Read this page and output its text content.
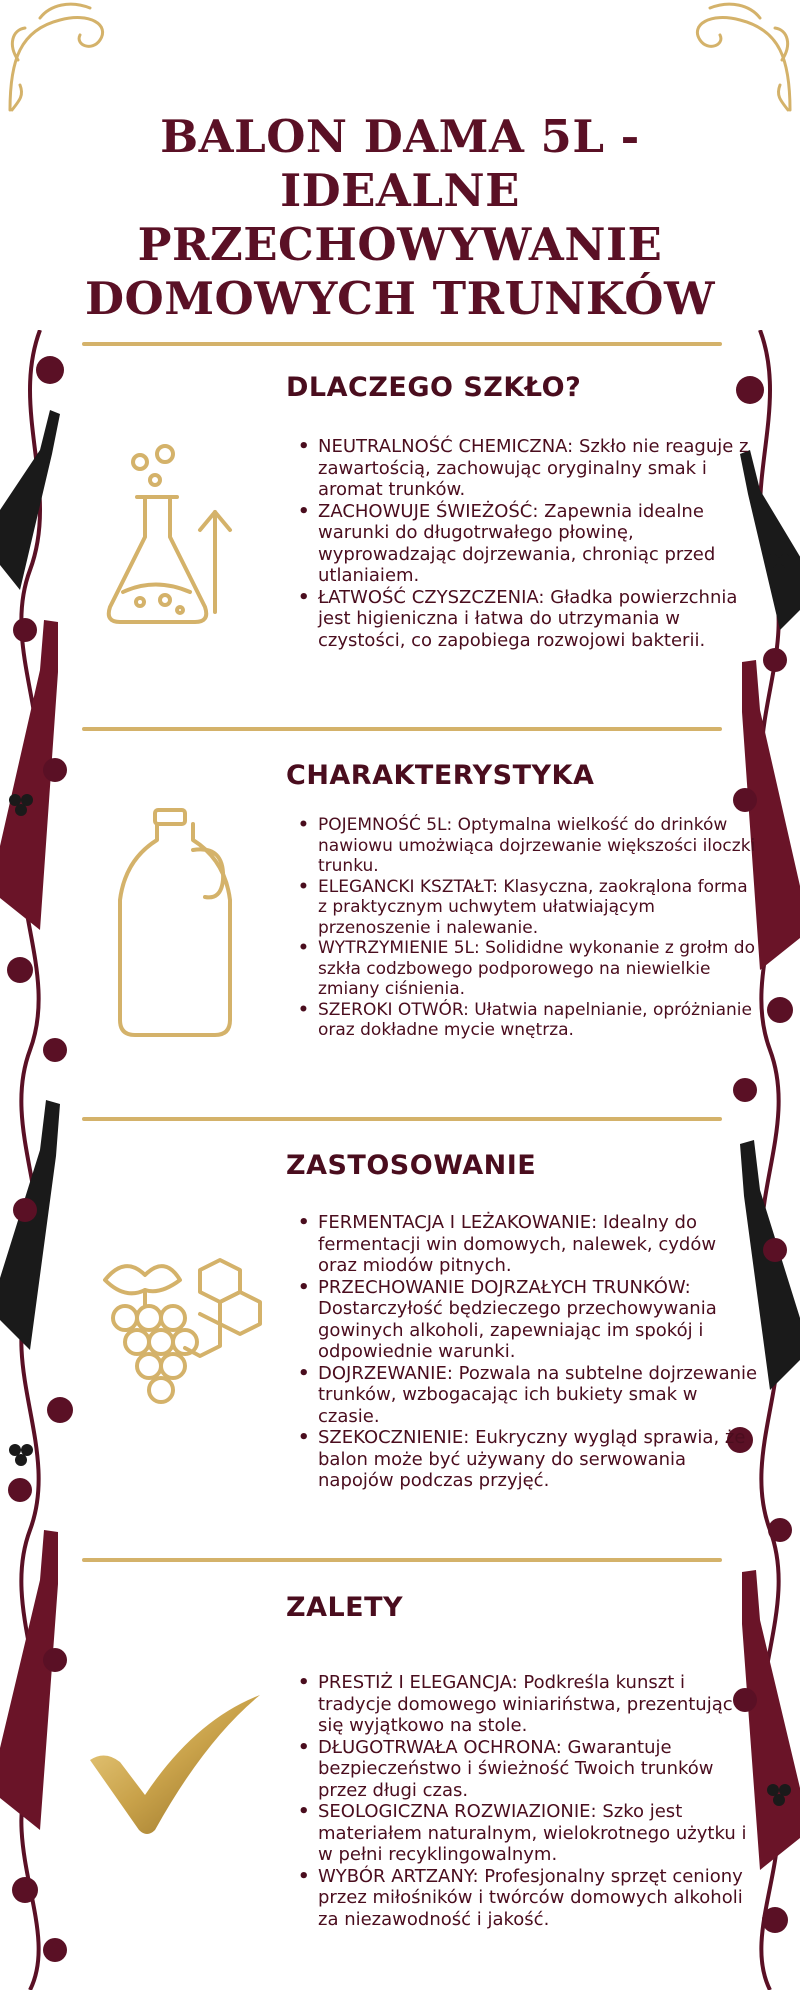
BALON DAMA 5L - IDEALNE PRZECHOWYWANIE DOMOWYCH TRUNKÓW
DLACZEGO SZKŁO?
• NEUTRALNOŚĆ CHEMICZNA: Szkło nie reaguje z zawartością, zachowując oryginalny smak i aromat trunków.
• ZACHOWUJE ŚWIEŻOŚĆ: Zapewnia idealne warunki do długotrwałego płowinę, wyprowadzając dojrzewania, chroniąc przed utlaniaiem.
• ŁATWOŚĆ CZYSZCZENIA: Gładka powierzchnia jest higieniczna i łatwa do utrzymania w czystości, co zapobiega rozwojowi bakterii.
CHARAKTERYSTYKA
• POJEMNOŚĆ 5L: Optymalna wielkość do drinków nawiowu umożwiąca dojrzewanie większości iloczki trunku.
• ELEGANCKI KSZTAŁT: Klasyczna, zaokrąlona forma z praktycznym uchwytem ułatwiającym przenoszenie i nalewanie.
• WYTRZYMIENIE 5L: Solididne wykonanie z grołm do szkła codzbowego podporowego na niewielkie zmiany ciśnienia.
• SZEROKI OTWÓR: Ułatwia napelnianie, opróżnianie oraz dokładne mycie wnętrza.
ZASTOSOWANIE
• FERMENTACJA I LEŻAKOWANIE: Idealny do fermentacji win domowych, nalewek, cydów oraz miodów pitnych.
• PRZECHOWANIE DOJRZAŁYCH TRUNKÓW: Dostarczyłość będzieczego przechowywania gowinych alkoholi, zapewniając im spokój i odpowiednie warunki.
• DOJRZEWANIE: Pozwala na subtelne dojrzewanie trunków, wzbogacając ich bukiety smak w czasie.
• SZEKOCZNIENIE: Eukryczny wygląd sprawia, że balon może być używany do serwowania napojów podczas przyjęć.
ZALETY
• PRESTIŻ I ELEGANCJA: Podkreśla kunszt i tradycje domowego winiariństwa, prezentując się wyjątkowo na stole.
• DŁUGOTRWAŁA OCHRONA: Gwarantuje bezpieczeństwo i świeżność Twoich trunków przez długi czas.
• SEOLOGICZNA ROZWIAZIONIE: Szko jest materiałem naturalnym, wielokrotnego użytku i w pełni recyklingowalnym.
• WYBÓR ARTZANY: Profesjonalny sprzęt ceniony przez miłośników i twórców domowych alkoholi za niezawodność i jakość.
